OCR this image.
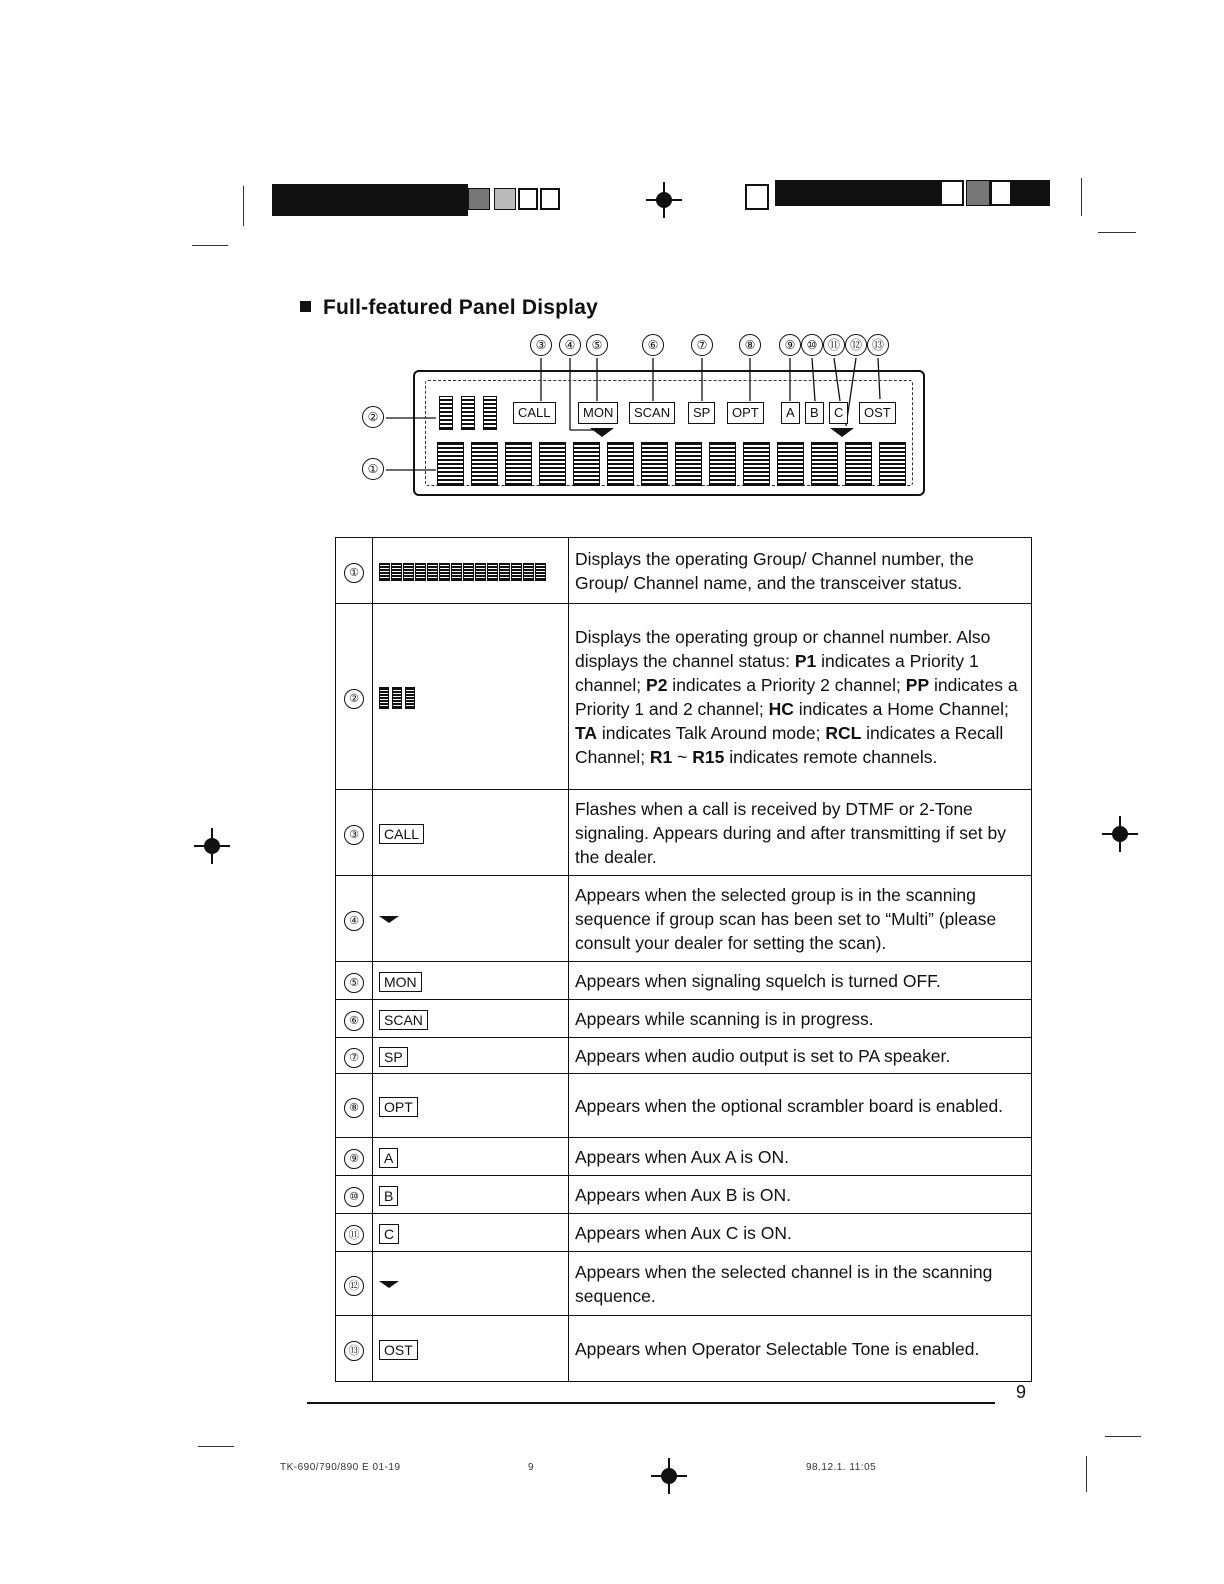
Full-featured Panel Display
③	④	⑤	⑥	⑦	⑧	⑨ ⑩ ⑪ ⑫ ⑬
②
①
CALL	MON	SCAN	SP	OPT	A	B	C	OST
①		Displays the operating Group/ Channel number, the Group/ Channel name, and the transceiver status.
②		Displays the operating group or channel number. Also displays the channel status: P1 indicates a Priority 1 channel; P2 indicates a Priority 2 channel; PP indicates a Priority 1 and 2 channel; HC indicates a Home Channel; TA indicates Talk Around mode; RCL indicates a Recall Channel; R1 ~ R15 indicates remote channels.
③	CALL	Flashes when a call is received by DTMF or 2-Tone signaling. Appears during and after transmitting if set by the dealer.
④		Appears when the selected group is in the scanning sequence if group scan has been set to “Multi” (please consult your dealer for setting the scan).
⑤	MON	Appears when signaling squelch is turned OFF.
⑥	SCAN	Appears while scanning is in progress.
⑦	SP	Appears when audio output is set to PA speaker.
⑧	OPT	Appears when the optional scrambler board is enabled.
⑨	A	Appears when Aux A is ON.
⑩	B	Appears when Aux B is ON.
⑪	C	Appears when Aux C is ON.
⑫		Appears when the selected channel is in the scanning sequence.
⑬	OST	Appears when Operator Selectable Tone is enabled.
9
TK-690/790/890 E 01-19	9	98.12.1. 11:05
